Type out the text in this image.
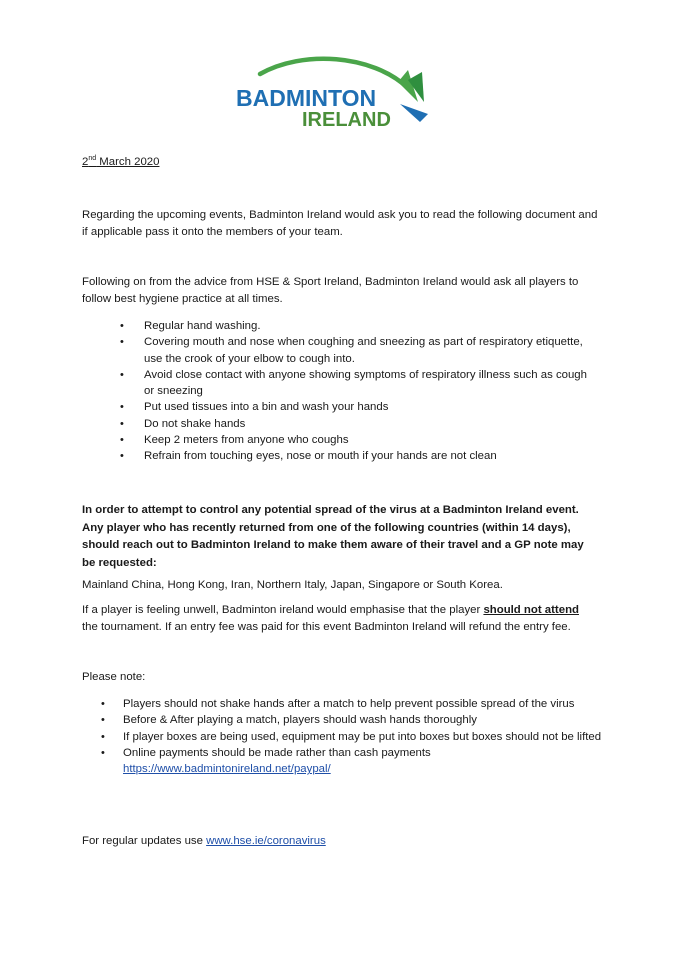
BADMINTON
IRELAND
2nd March 2020
Regarding the upcoming events, Badminton Ireland would ask you to read the following document and if applicable pass it onto the members of your team.
Following on from the advice from HSE & Sport Ireland, Badminton Ireland would ask all players to follow best hygiene practice at all times.
• Regular hand washing.
• Covering mouth and nose when coughing and sneezing as part of respiratory etiquette, use the crook of your elbow to cough into.
• Avoid close contact with anyone showing symptoms of respiratory illness such as cough or sneezing
• Put used tissues into a bin and wash your hands
• Do not shake hands
• Keep 2 meters from anyone who coughs
• Refrain from touching eyes, nose or mouth if your hands are not clean
In order to attempt to control any potential spread of the virus at a Badminton Ireland event. Any player who has recently returned from one of the following countries (within 14 days), should reach out to Badminton Ireland to make them aware of their travel and a GP note may be requested:
Mainland China, Hong Kong, Iran, Northern Italy, Japan, Singapore or South Korea.
If a player is feeling unwell, Badminton ireland would emphasise that the player should not attend the tournament. If an entry fee was paid for this event Badminton Ireland will refund the entry fee.
Please note:
• Players should not shake hands after a match to help prevent possible spread of the virus
• Before & After playing a match, players should wash hands thoroughly
• If player boxes are being used, equipment may be put into boxes but boxes should not be lifted
• Online payments should be made rather than cash payments
https://www.badmintonireland.net/paypal/
For regular updates use www.hse.ie/coronavirus
